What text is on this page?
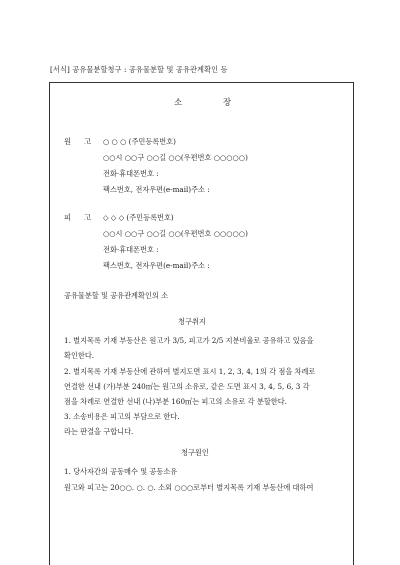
[서식] 공유물분할청구 : 공유물분할 및 공유관계확인 등
소	장
원 고 ○ ○ ○ (주민등록번호)
○○시 ○○구 ○○길 ○○(우편번호 ○○○○○)
전화·휴대폰번호 :
팩스번호, 전자우편(e-mail)주소 :
피 고 ◇ ◇ ◇ (주민등록번호)
○○시 ○○구 ○○길 ○○(우편번호 ○○○○○)
전화·휴대폰번호 :
팩스번호, 전자우편(e-mail)주소 :
공유물분할 및 공유관계확인의 소
청구취지
1. 별지목록 기재 부동산은 원고가 3/5, 피고가 2/5 지분비율로 공유하고 있음을
확인한다.
2. 별지목록 기재 부동산에 관하여 별지도면 표시 1, 2, 3, 4, 1의 각 점을 차례로
연결한 선내 (가)부분 240㎡는 원고의 소유로, 같은 도면 표시 3, 4, 5, 6, 3 각
점을 차례로 연결한 선내 (나)부분 160㎡는 피고의 소유로 각 분할한다.
3. 소송비용은 피고의 부담으로 한다.
라는 판결을 구합니다.
청구원인
1. 당사자간의 공동매수 및 공동소유
원고와 피고는 20○○. ○. ○. 소외 ○○○로부터 별지목록 기재 부동산에 대하여
